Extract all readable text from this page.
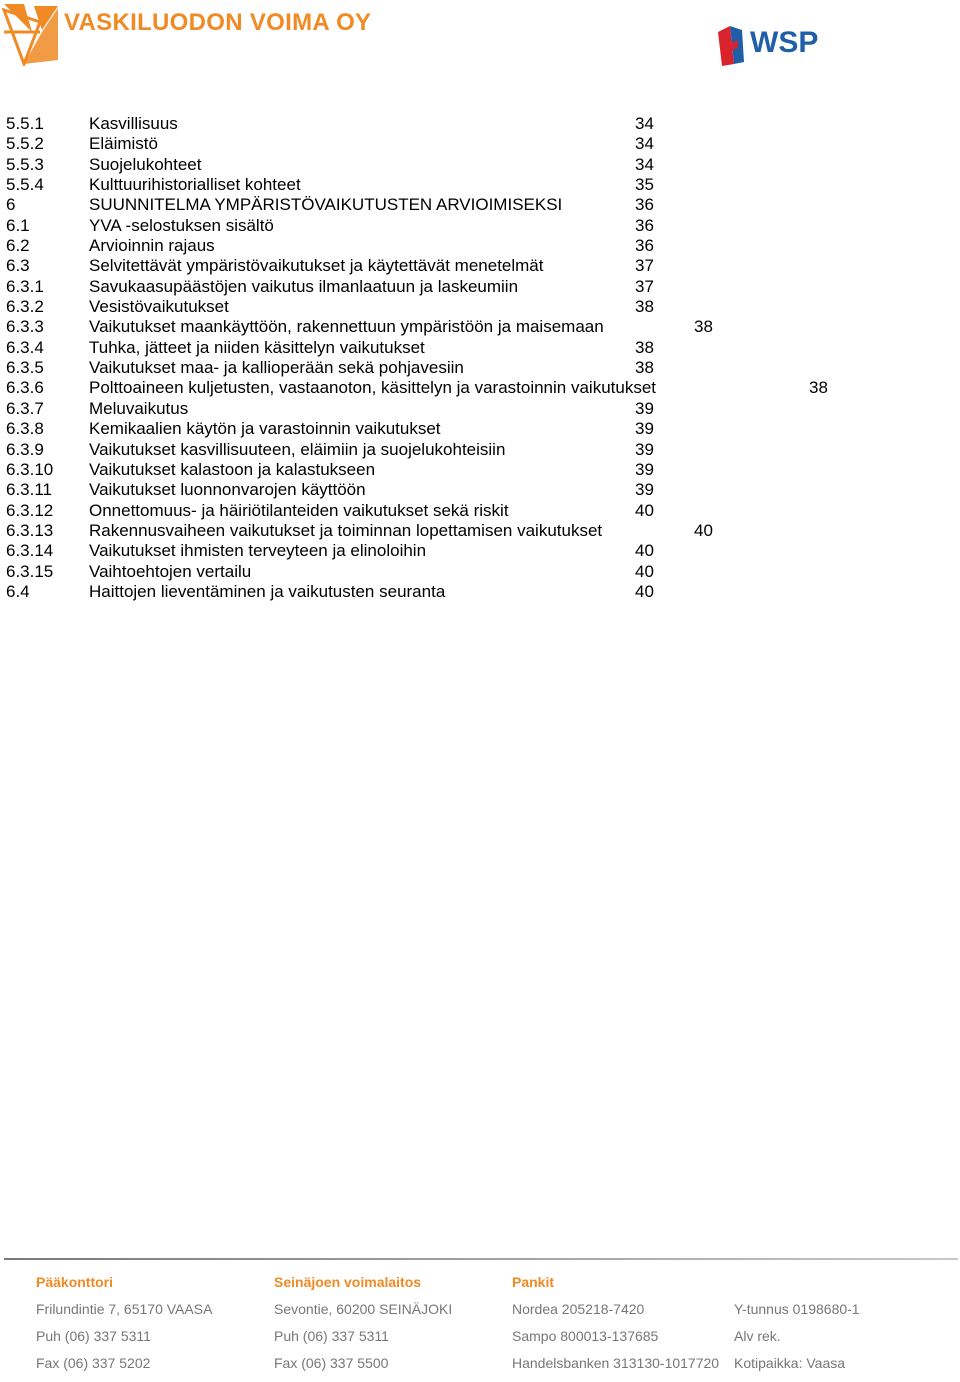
VASKILUODON VOIMA OY
WSP
5.5.1	Kasvillisuus	34
5.5.2	Eläimistö	34
5.5.3	Suojelukohteet	34
5.5.4	Kulttuurihistorialliset kohteet	35
6	SUUNNITELMA YMPÄRISTÖVAIKUTUSTEN ARVIOIMISEKSI	36
6.1	YVA -selostuksen sisältö	36
6.2	Arvioinnin rajaus	36
6.3	Selvitettävät ympäristövaikutukset ja käytettävät menetelmät	37
6.3.1	Savukaasupäästöjen vaikutus ilmanlaatuun ja laskeumiin	37
6.3.2	Vesistövaikutukset	38
6.3.3	Vaikutukset maankäyttöön, rakennettuun ympäristöön ja maisemaan	38
6.3.4	Tuhka, jätteet ja niiden käsittelyn vaikutukset	38
6.3.5	Vaikutukset maa- ja kallioperään sekä pohjavesiin	38
6.3.6	Polttoaineen kuljetusten, vastaanoton, käsittelyn ja varastoinnin vaikutukset	38
6.3.7	Meluvaikutus	39
6.3.8	Kemikaalien käytön ja varastoinnin vaikutukset	39
6.3.9	Vaikutukset kasvillisuuteen, eläimiin ja suojelukohteisiin	39
6.3.10 Vaikutukset kalastoon ja kalastukseen	39
6.3.11 Vaikutukset luonnonvarojen käyttöön	39
6.3.12 Onnettomuus- ja häiriötilanteiden vaikutukset sekä riskit	40
6.3.13 Rakennusvaiheen vaikutukset ja toiminnan lopettamisen vaikutukset	40
6.3.14 Vaikutukset ihmisten terveyteen ja elinoloihin	40
6.3.15 Vaihtoehtojen vertailu	40
6.4	Haittojen lieventäminen ja vaikutusten seuranta	40
Pääkonttori
Frilundintie 7, 65170 VAASA
Puh (06) 337 5311
Fax (06) 337 5202
Seinäjoen voimalaitos
Sevontie, 60200 SEINÄJOKI
Puh (06) 337 5311
Fax (06) 337 5500
Pankit
Nordea 205218-7420
Sampo 800013-137685
Handelsbanken 313130-1017720
Y-tunnus 0198680-1
Alv rek.
Kotipaikka: Vaasa
